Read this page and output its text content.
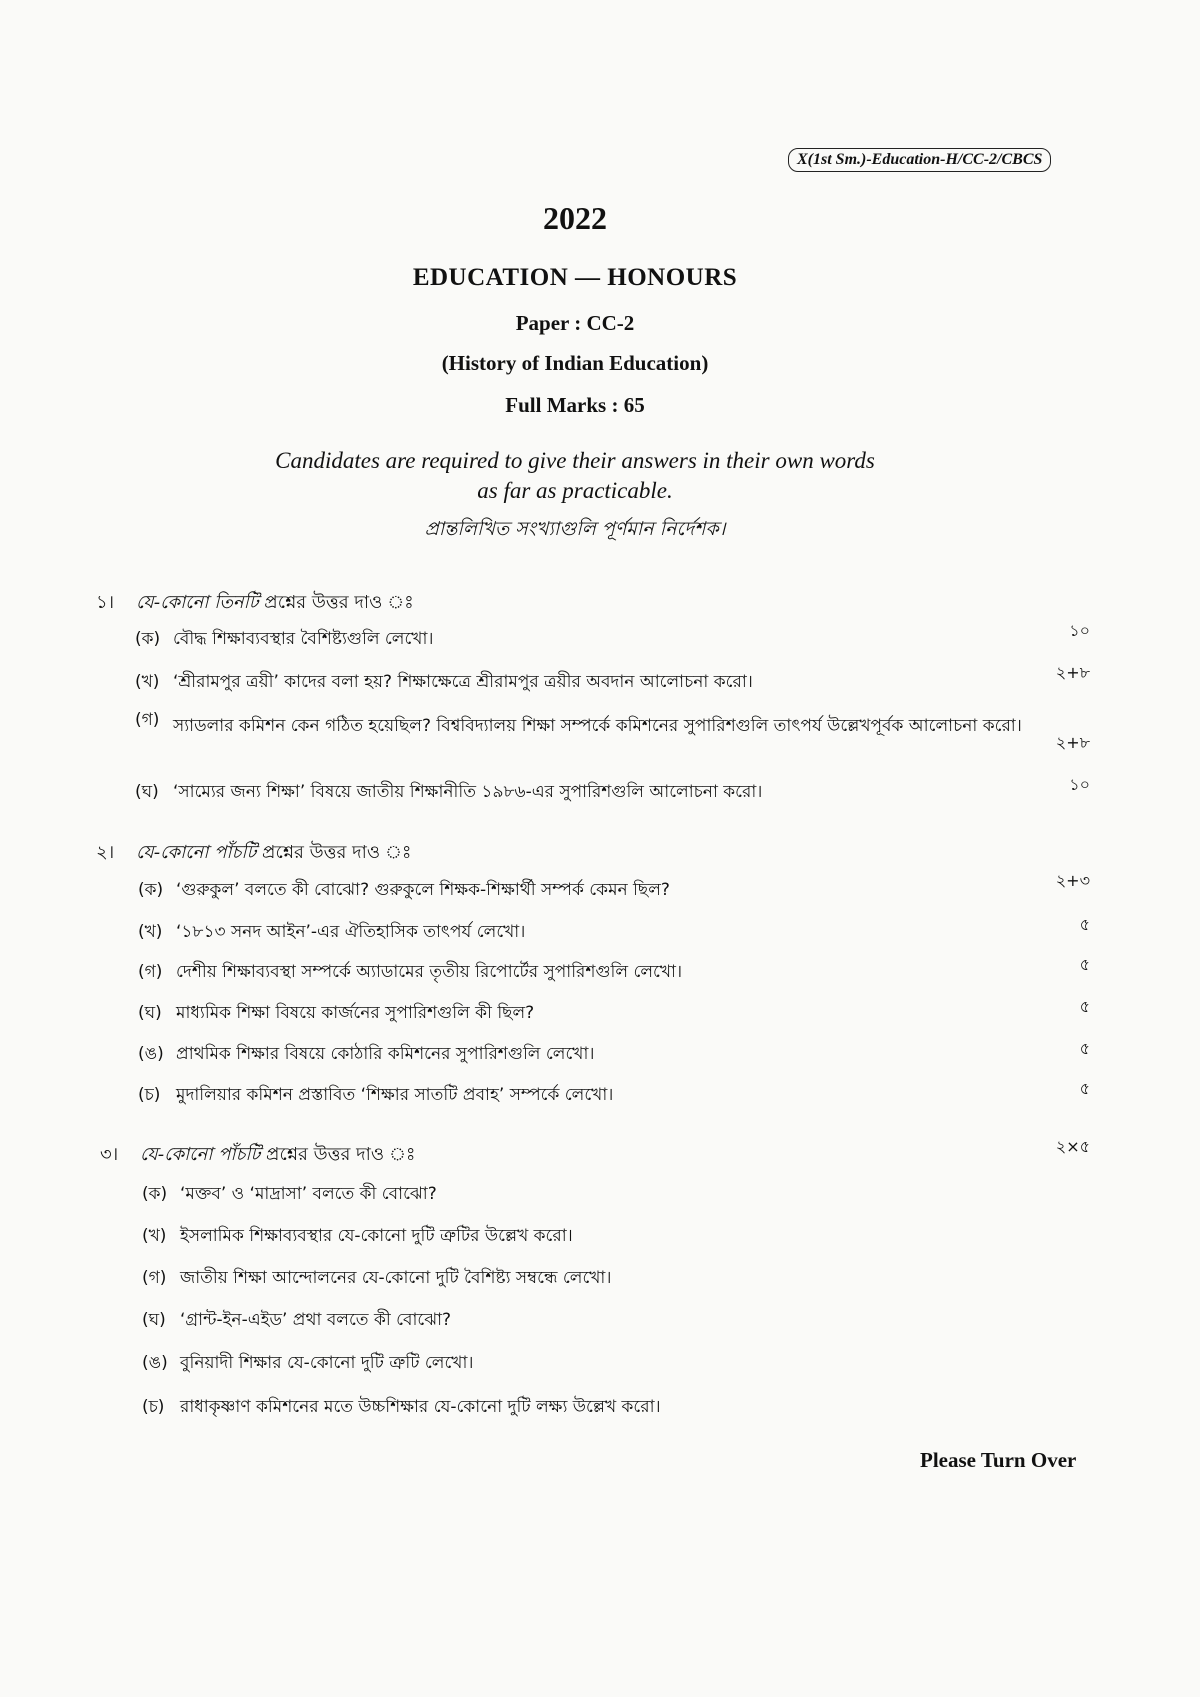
X(1st Sm.)-Education-H/CC-2/CBCS
2022
EDUCATION — HONOURS
Paper : CC-2
(History of Indian Education)
Full Marks : 65
Candidates are required to give their answers in their own words
as far as practicable.
প্রান্তলিখিত সংখ্যাগুলি পূর্ণমান নির্দেশক।
১। যে-কোনো তিনটি প্রশ্নের উত্তর দাও ঃ
(ক) বৌদ্ধ শিক্ষাব্যবস্থার বৈশিষ্ট্যগুলি লেখো।	১০
(খ) ‘শ্রীরামপুর ত্রয়ী’ কাদের বলা হয়? শিক্ষাক্ষেত্রে শ্রীরামপুর ত্রয়ীর অবদান আলোচনা করো।	২+৮
(গ) স্যাডলার কমিশন কেন গঠিত হয়েছিল? বিশ্ববিদ্যালয় শিক্ষা সম্পর্কে কমিশনের সুপারিশগুলি তাৎপর্য উল্লেখপূর্বক আলোচনা করো।
২+৮
(ঘ) ‘সাম্যের জন্য শিক্ষা’ বিষয়ে জাতীয় শিক্ষানীতি ১৯৮৬-এর সুপারিশগুলি আলোচনা করো।	১০
২। যে-কোনো পাঁচটি প্রশ্নের উত্তর দাও ঃ
(ক) ‘গুরুকুল’ বলতে কী বোঝো? গুরুকুলে শিক্ষক-শিক্ষার্থী সম্পর্ক কেমন ছিল?	২+৩
(খ) ‘১৮১৩ সনদ আইন’-এর ঐতিহাসিক তাৎপর্য লেখো।	৫
(গ) দেশীয় শিক্ষাব্যবস্থা সম্পর্কে অ্যাডামের তৃতীয় রিপোর্টের সুপারিশগুলি লেখো।	৫
(ঘ) মাধ্যমিক শিক্ষা বিষয়ে কার্জনের সুপারিশগুলি কী ছিল?	৫
(ঙ) প্রাথমিক শিক্ষার বিষয়ে কোঠারি কমিশনের সুপারিশগুলি লেখো।	৫
(চ) মুদালিয়ার কমিশন প্রস্তাবিত ‘শিক্ষার সাতটি প্রবাহ’ সম্পর্কে লেখো।	৫
৩। যে-কোনো পাঁচটি প্রশ্নের উত্তর দাও ঃ	২×৫
(ক) ‘মক্তব’ ও ‘মাদ্রাসা’ বলতে কী বোঝো?
(খ) ইসলামিক শিক্ষাব্যবস্থার যে-কোনো দুটি ত্রুটির উল্লেখ করো।
(গ) জাতীয় শিক্ষা আন্দোলনের যে-কোনো দুটি বৈশিষ্ট্য সম্বন্ধে লেখো।
(ঘ) ‘গ্রান্ট-ইন-এইড’ প্রথা বলতে কী বোঝো?
(ঙ) বুনিয়াদী শিক্ষার যে-কোনো দুটি ত্রুটি লেখো।
(চ) রাধাকৃষ্ণাণ কমিশনের মতে উচ্চশিক্ষার যে-কোনো দুটি লক্ষ্য উল্লেখ করো।
Please Turn Over
